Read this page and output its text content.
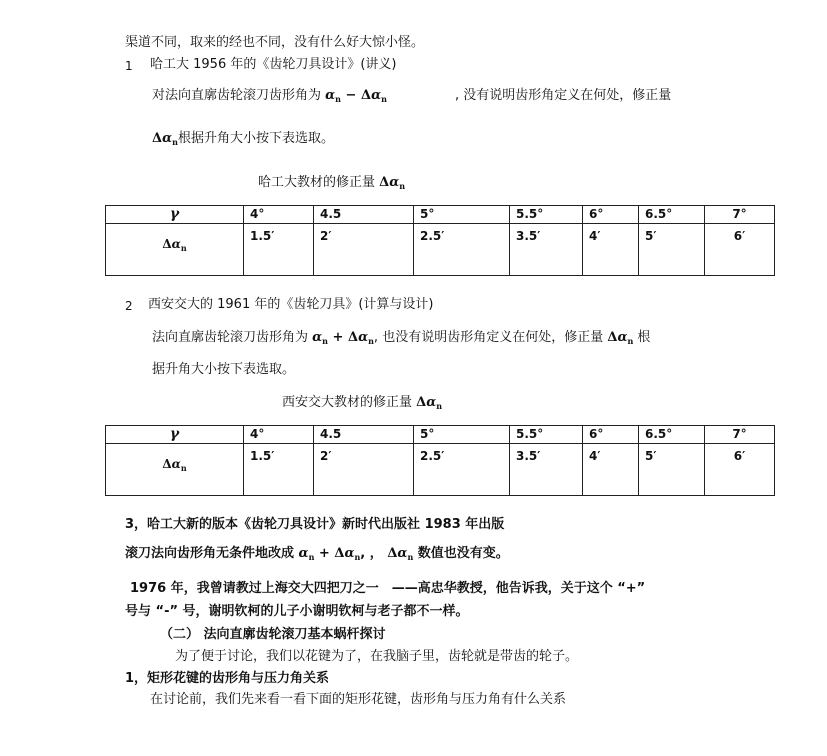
渠道不同，取来的经也不同，没有什么好大惊小怪。
1 哈工大 1956 年的《齿轮刀具设计》(讲义)
对法向直廓齿轮滚刀齿形角为 $\alpha_n - \Delta\alpha_n$	, 没有说明齿形角定义在何处，修正量
$\Delta\alpha_n$根据升角大小按下表选取。
哈工大教材的修正量 $\Delta\alpha_n$
γ	4°	4.5	5°	5.5°	6°	6.5°	7°
$\Delta\alpha_n$	1.5′	2′	2.5′	3.5′	4′	5′	6′
2 西安交大的 1961 年的《齿轮刀具》(计算与设计)
法向直廓齿轮滚刀齿形角为 $\alpha_n + \Delta\alpha_n$, 也没有说明齿形角定义在何处，修正量 $\Delta\alpha_n$ 根
据升角大小按下表选取。
西安交大教材的修正量 $\Delta\alpha_n$
γ	4°	4.5	5°	5.5°	6°	6.5°	7°
$\Delta\alpha_n$	1.5′	2′	2.5′	3.5′	4′	5′	6′
3，哈工大新的版本《齿轮刀具设计》新时代出版社 1983 年出版
滚刀法向齿形角无条件地改成 $\alpha_n + \Delta\alpha_n$, ， $\Delta\alpha_n$ 数值也没有变。
1976 年，我曾请教过上海交大四把刀之一　——高忠华教授，他告诉我，关于这个 “+”
号与 “-” 号，谢明钦柯的儿子小谢明钦柯与老子都不一样。
（二） 法向直廓齿轮滚刀基本蜗杆探讨
为了便于讨论，我们以花键为了，在我脑子里，齿轮就是带齿的轮子。
1，矩形花键的齿形角与压力角关系
在讨论前，我们先来看一看下面的矩形花键，齿形角与压力角有什么关系
